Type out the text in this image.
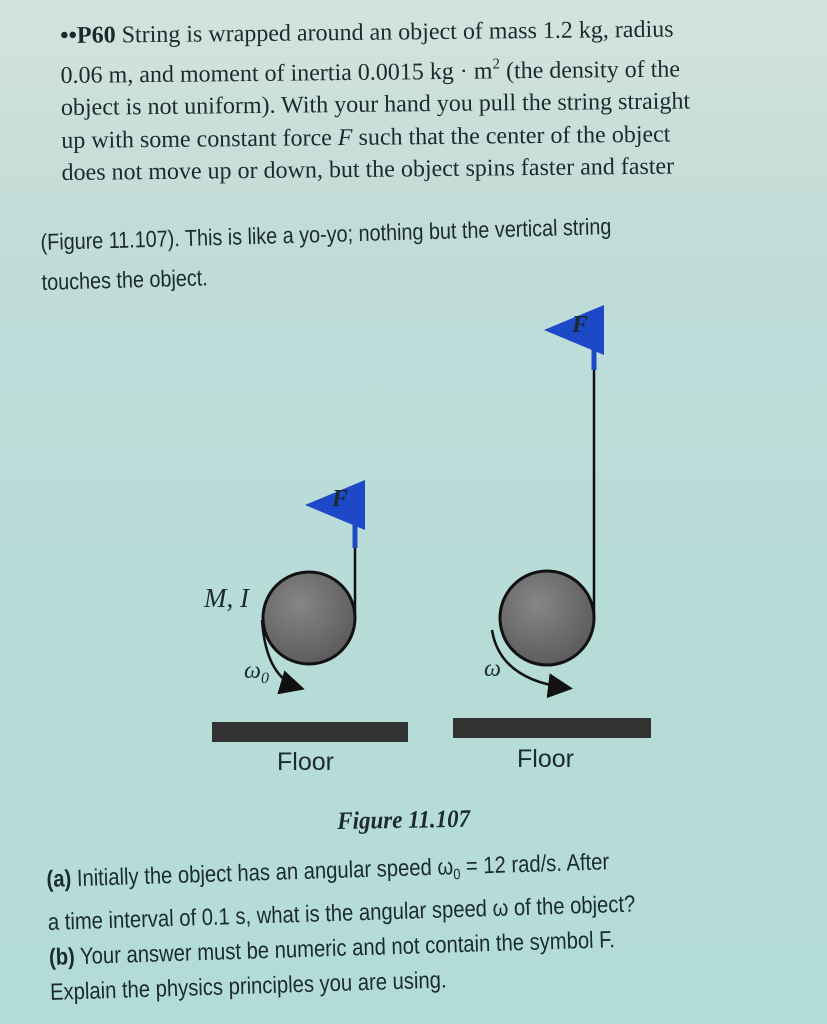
••P60 String is wrapped around an object of mass 1.2 kg, radius
0.06 m, and moment of inertia 0.0015 kg · $m^2$ (the density of the
object is not uniform). With your hand you pull the string straight
up with some constant force F such that the center of the object
does not move up or down, but the object spins faster and faster
(Figure 11.107). This is like a yo-yo; nothing but the vertical string
touches the object.
F
F
M, I
$\omega_0$	ω
Floor	Floor
Figure 11.107
(a) Initially the object has an angular speed $\omega_0 = 12$ rad/s. After
a time interval of 0.1 s, what is the angular speed ω of the object?
(b) Your answer must be numeric and not contain the symbol F.
Explain the physics principles you are using.
